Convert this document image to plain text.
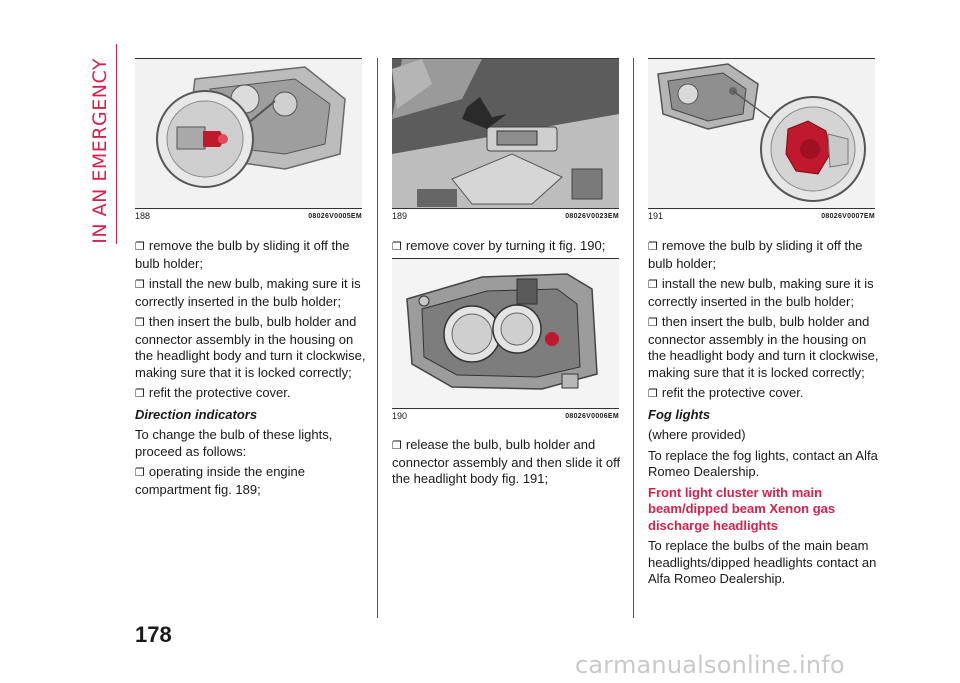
IN AN EMERGENCY	188	08026V0005EM	189	08026V0023EM
190	08026V0006EM
191	08026V0007EM

❐ remove the bulb by sliding it off the bulb holder;

❐ install the new bulb, making sure it is correctly inserted in the bulb holder;

❐ then insert the bulb, bulb holder and connector assembly in the housing on the headlight body and turn it clockwise, making sure that it is locked correctly;

❐ refit the protective cover.

Direction indicators

To change the bulb of these lights, proceed as follows:

❐ operating inside the engine compartment fig. 189;

❐ remove cover by turning it fig. 190;

❐ release the bulb, bulb holder and connector assembly and then slide it off the headlight body fig. 191;

❐ remove the bulb by sliding it off the bulb holder;

❐ install the new bulb, making sure it is correctly inserted in the bulb holder;

❐ then insert the bulb, bulb holder and connector assembly in the housing on the headlight body and turn it clockwise, making sure that it is locked correctly;

❐ refit the protective cover.

Fog lights

(where provided)

To replace the fog lights, contact an Alfa Romeo Dealership.

Front light cluster with main beam/dipped beam Xenon gas discharge headlights

To replace the bulbs of the main beam headlights/dipped headlights contact an Alfa Romeo Dealership.

178
carmanualsonline.info
